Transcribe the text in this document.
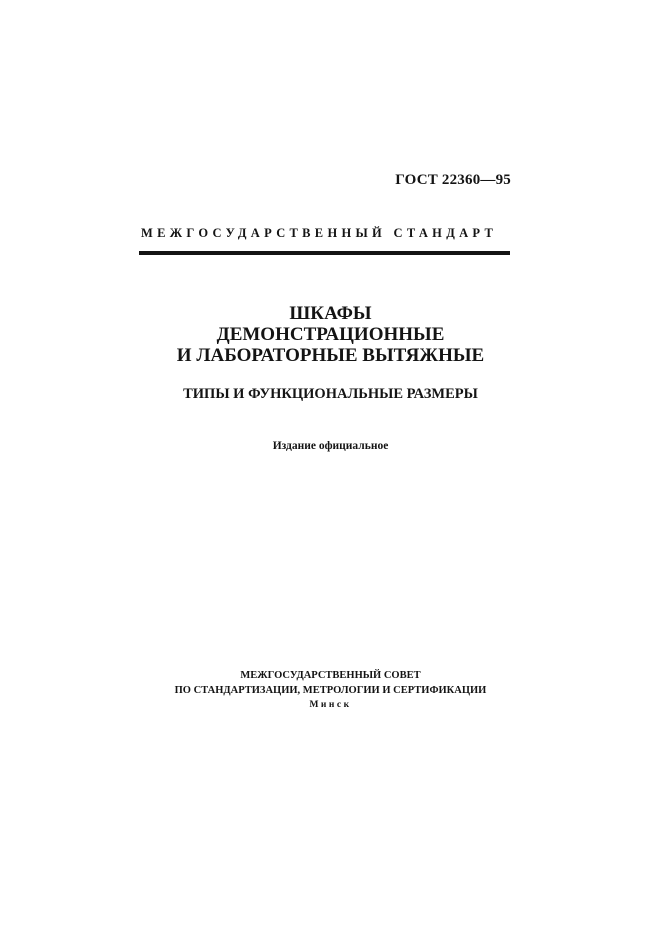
ГОСТ 22360—95
МЕЖГОСУДАРСТВЕННЫЙ СТАНДАРТ
ШКАФЫ
ДЕМОНСТРАЦИОННЫЕ
И ЛАБОРАТОРНЫЕ ВЫТЯЖНЫЕ
ТИПЫ И ФУНКЦИОНАЛЬНЫЕ РАЗМЕРЫ
Издание официальное
МЕЖГОСУДАРСТВЕННЫЙ СОВЕТ
ПО СТАНДАРТИЗАЦИИ, МЕТРОЛОГИИ И СЕРТИФИКАЦИИ
Минск
